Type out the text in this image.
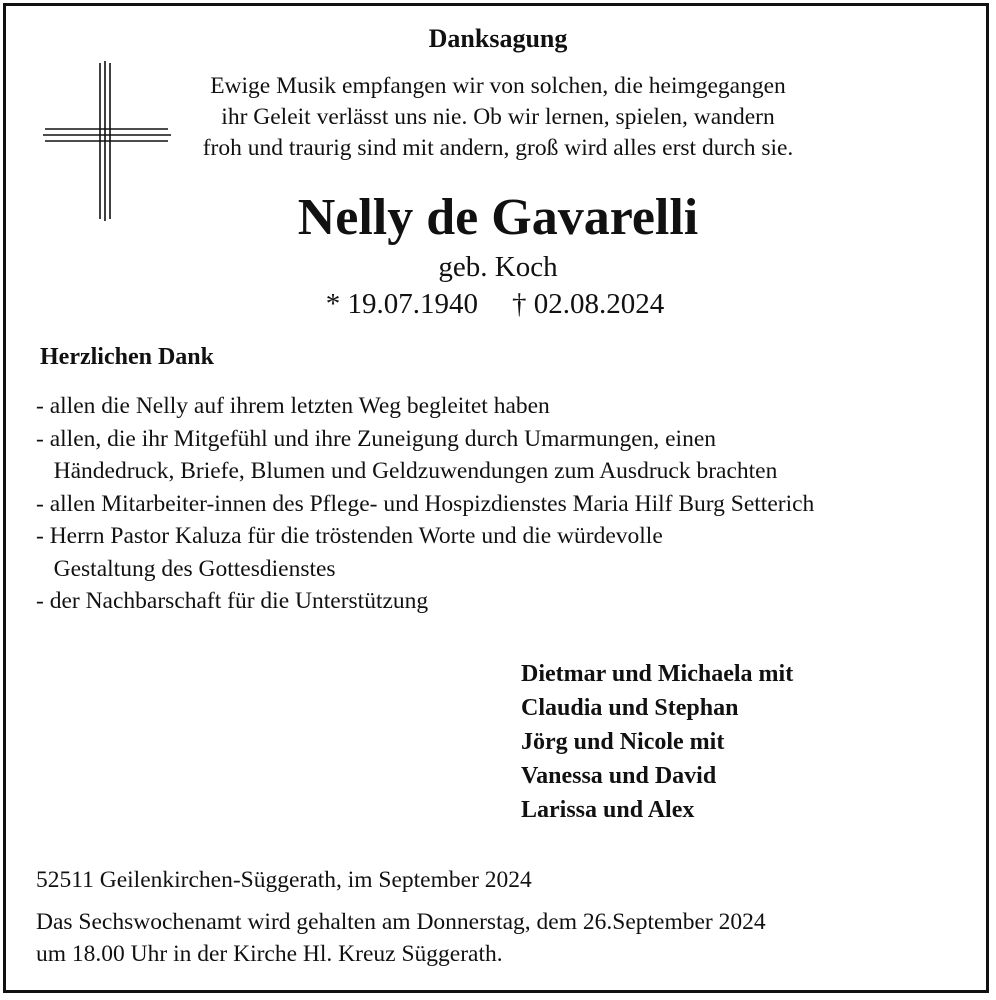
Danksagung
Ewige Musik empfangen wir von solchen, die heimgegangen
ihr Geleit verlässt uns nie. Ob wir lernen, spielen, wandern
froh und traurig sind mit andern, groß wird alles erst durch sie.
Nelly de Gavarelli
geb. Koch
* 19.07.1940 † 02.08.2024
Herzlichen Dank
- allen die Nelly auf ihrem letzten Weg begleitet haben
- allen, die ihr Mitgefühl und ihre Zuneigung durch Umarmungen, einen
Händedruck, Briefe, Blumen und Geldzuwendungen zum Ausdruck brachten
- allen Mitarbeiter-innen des Pflege- und Hospizdienstes Maria Hilf Burg Setterich
- Herrn Pastor Kaluza für die tröstenden Worte und die würdevolle
Gestaltung des Gottesdienstes
- der Nachbarschaft für die Unterstützung
Dietmar und Michaela mit
Claudia und Stephan
Jörg und Nicole mit
Vanessa und David
Larissa und Alex
52511 Geilenkirchen-Süggerath, im September 2024
Das Sechswochenamt wird gehalten am Donnerstag, dem 26.September 2024
um 18.00 Uhr in der Kirche Hl. Kreuz Süggerath.
